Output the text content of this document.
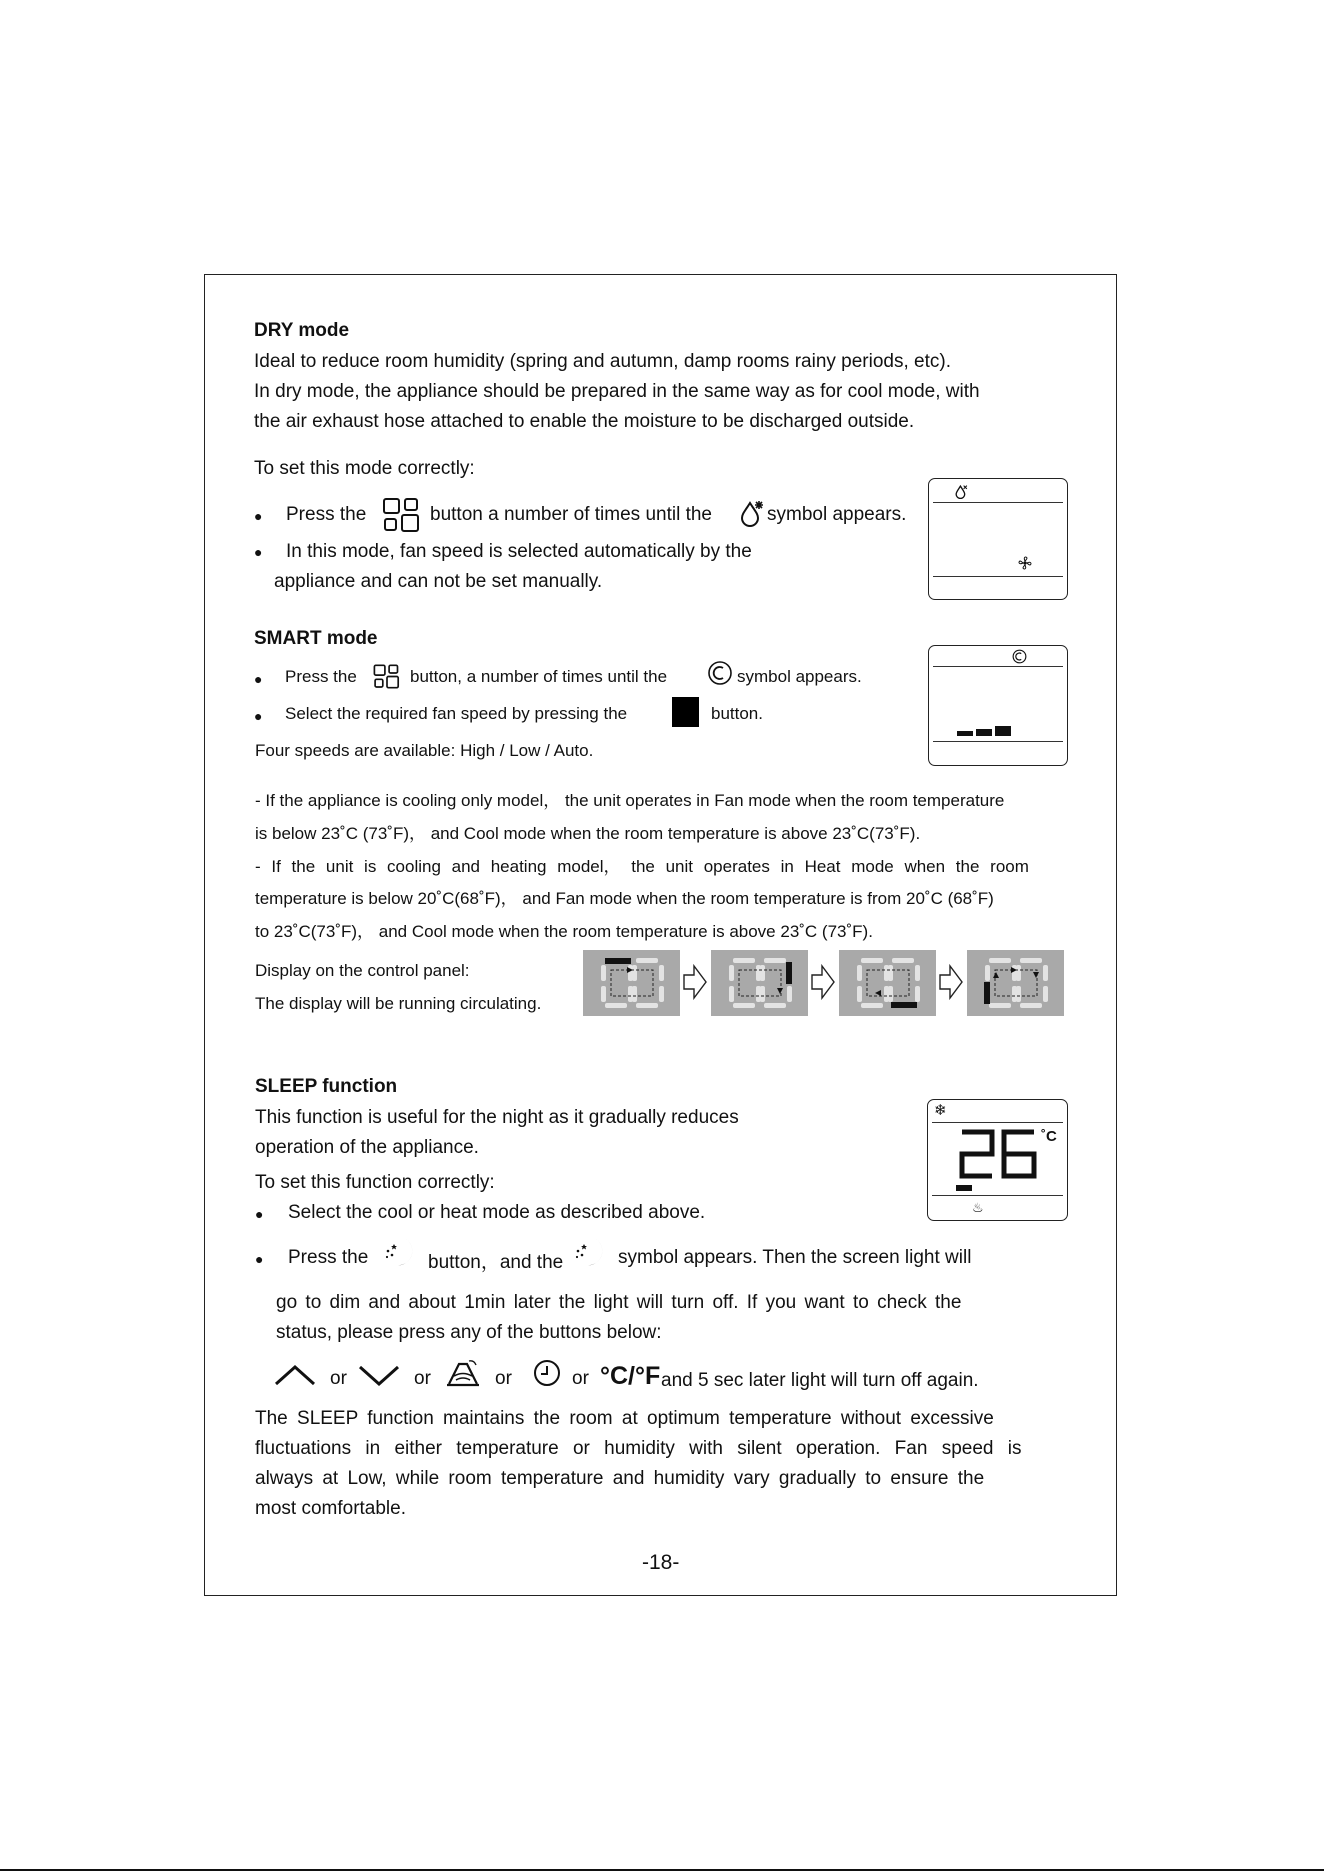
DRY mode
Ideal to reduce room humidity (spring and autumn, damp rooms rainy periods, etc).
In dry mode, the appliance should be prepared in the same way as for cool mode, with
the air exhaust hose attached to enable the moisture to be discharged outside.
To set this mode correctly:
● Press the	button a number of times until the	symbol appears.
● In this mode, fan speed is selected automatically by the
appliance and can not be set manually.
SMART mode
● Press the	button, a number of times until the	symbol appears.
● Select the required fan speed by pressing the	button.
Four speeds are available: High / Low / Auto.
- If the appliance is cooling only model， the unit operates in Fan mode when the room temperature
is below 23˚C (73˚F)， and Cool mode when the room temperature is above 23˚C(73˚F).
- If the unit is cooling and heating model， the unit operates in Heat mode when the room
temperature is below 20˚C(68˚F)， and Fan mode when the room temperature is from 20˚C (68˚F)
to 23˚C(73˚F)， and Cool mode when the room temperature is above 23˚C (73˚F).
Display on the control panel:
The display will be running circulating.
SLEEP function
This function is useful for the night as it gradually reduces
operation of the appliance.
To set this function correctly:
● Select the cool or heat mode as described above.
● Press the	button，and the	symbol appears. Then the screen light will
go to dim and about 1min later the light will turn off. If you want to check the
status, please press any of the buttons below:
or	or	or	or °C/°F and 5 sec later light will turn off again.
The SLEEP function maintains the room at optimum temperature without excessive
fluctuations in either temperature or humidity with silent operation. Fan speed is
always at Low, while room temperature and humidity vary gradually to ensure the
most comfortable.
❄
˚C
♨
-18-
